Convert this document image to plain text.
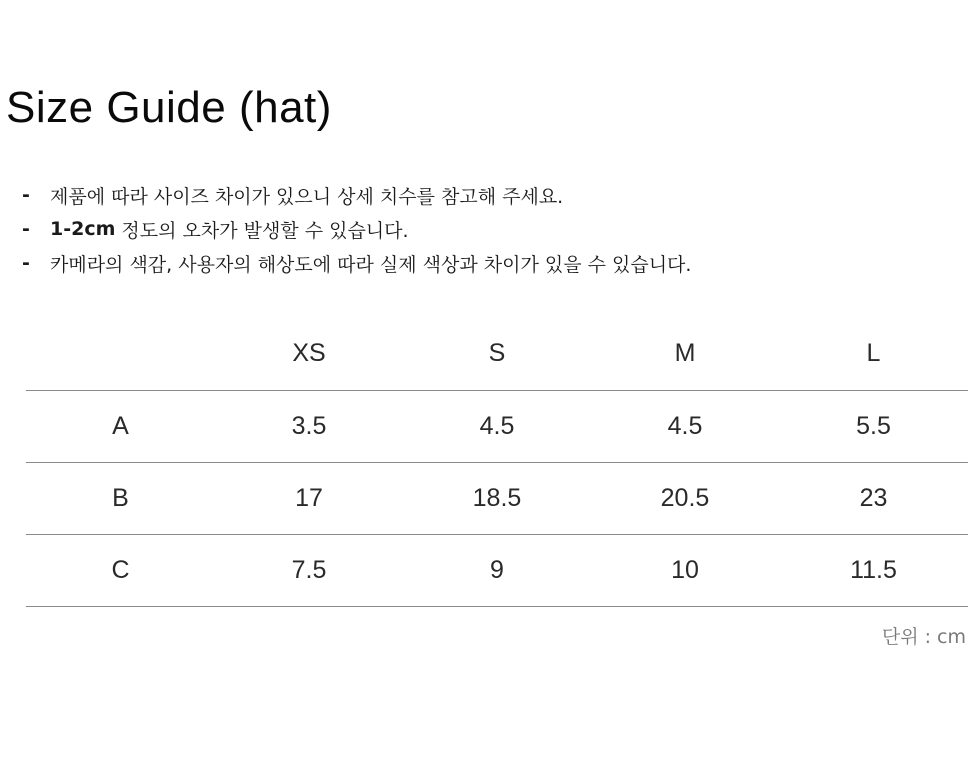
Size Guide (hat)
-	제품에 따라 사이즈 차이가 있으니 상세 치수를 참고해 주세요.
-	1-2cm 정도의 오차가 발생할 수 있습니다.
-	카메라의 색감, 사용자의 해상도에 따라 실제 색상과 차이가 있을 수 있습니다.
	XS	S	M	L
A	3.5	4.5	4.5	5.5
B	17	18.5	20.5	23
C	7.5	9	10	11.5
단위 : cm
